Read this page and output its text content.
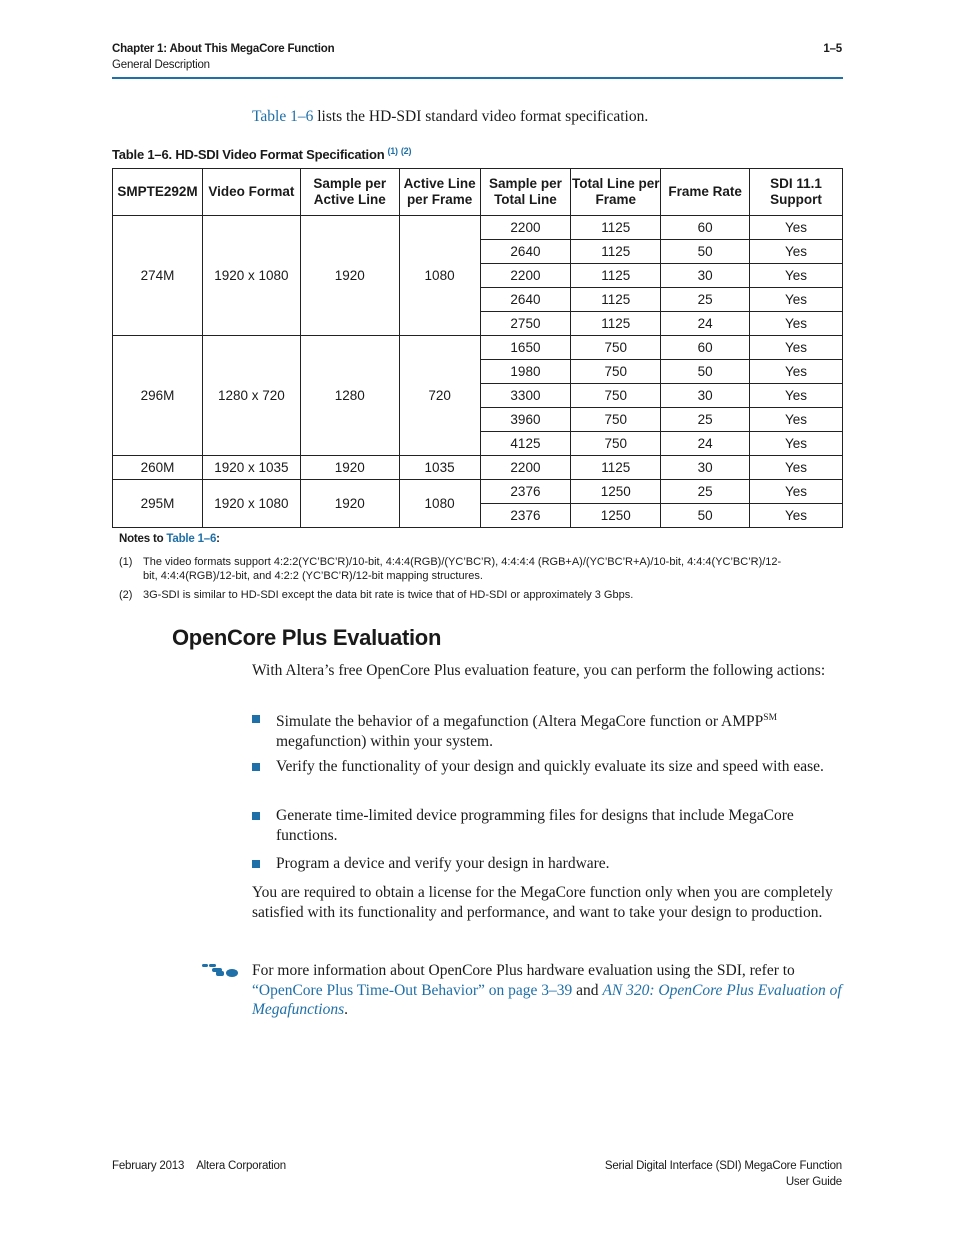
Chapter 1: About This MegaCore Function
General Description
1–5
Table 1–6 lists the HD-SDI standard video format specification.
Table 1–6. HD-SDI Video Format Specification $^{(1)}$ $^{(2)}$
SMPTE292M	Video Format	Sample per Active Line	Active Line per Frame	Sample per Total Line	Total Line per Frame	Frame Rate	SDI 11.1 Support
274M	1920 x 1080	1920	1080	2200	1125	60	Yes
				2640	1125	50	Yes
				2200	1125	30	Yes
				2640	1125	25	Yes
				2750	1125	24	Yes
296M	1280 x 720	1280	720	1650	750	60	Yes
				1980	750	50	Yes
				3300	750	30	Yes
				3960	750	25	Yes
				4125	750	24	Yes
260M	1920 x 1035	1920	1035	2200	1125	30	Yes
295M	1920 x 1080	1920	1080	2376	1250	25	Yes
				2376	1250	50	Yes
Notes to Table 1–6:
(1) The video formats support 4:2:2(YC’BC’R)/10-bit, 4:4:4(RGB)/(YC’BC’R), 4:4:4:4 (RGB+A)/(YC’BC’R+A)/10-bit, 4:4:4(YC’BC’R)/12-bit, 4:4:4(RGB)/12-bit, and 4:2:2 (YC’BC’R)/12-bit mapping structures.
(2) 3G-SDI is similar to HD-SDI except the data bit rate is twice that of HD-SDI or approximately 3 Gbps.
OpenCore Plus Evaluation
With Altera’s free OpenCore Plus evaluation feature, you can perform the following actions:
Simulate the behavior of a megafunction (Altera MegaCore function or AMPP℠ megafunction) within your system.
Verify the functionality of your design and quickly evaluate its size and speed with ease.
Generate time-limited device programming files for designs that include MegaCore functions.
Program a device and verify your design in hardware.
You are required to obtain a license for the MegaCore function only when you are completely satisfied with its functionality and performance, and want to take your design to production.
For more information about OpenCore Plus hardware evaluation using the SDI, refer to “OpenCore Plus Time-Out Behavior” on page 3–39 and AN 320: OpenCore Plus Evaluation of Megafunctions.
February 2013 Altera Corporation	Serial Digital Interface (SDI) MegaCore Function
User Guide
